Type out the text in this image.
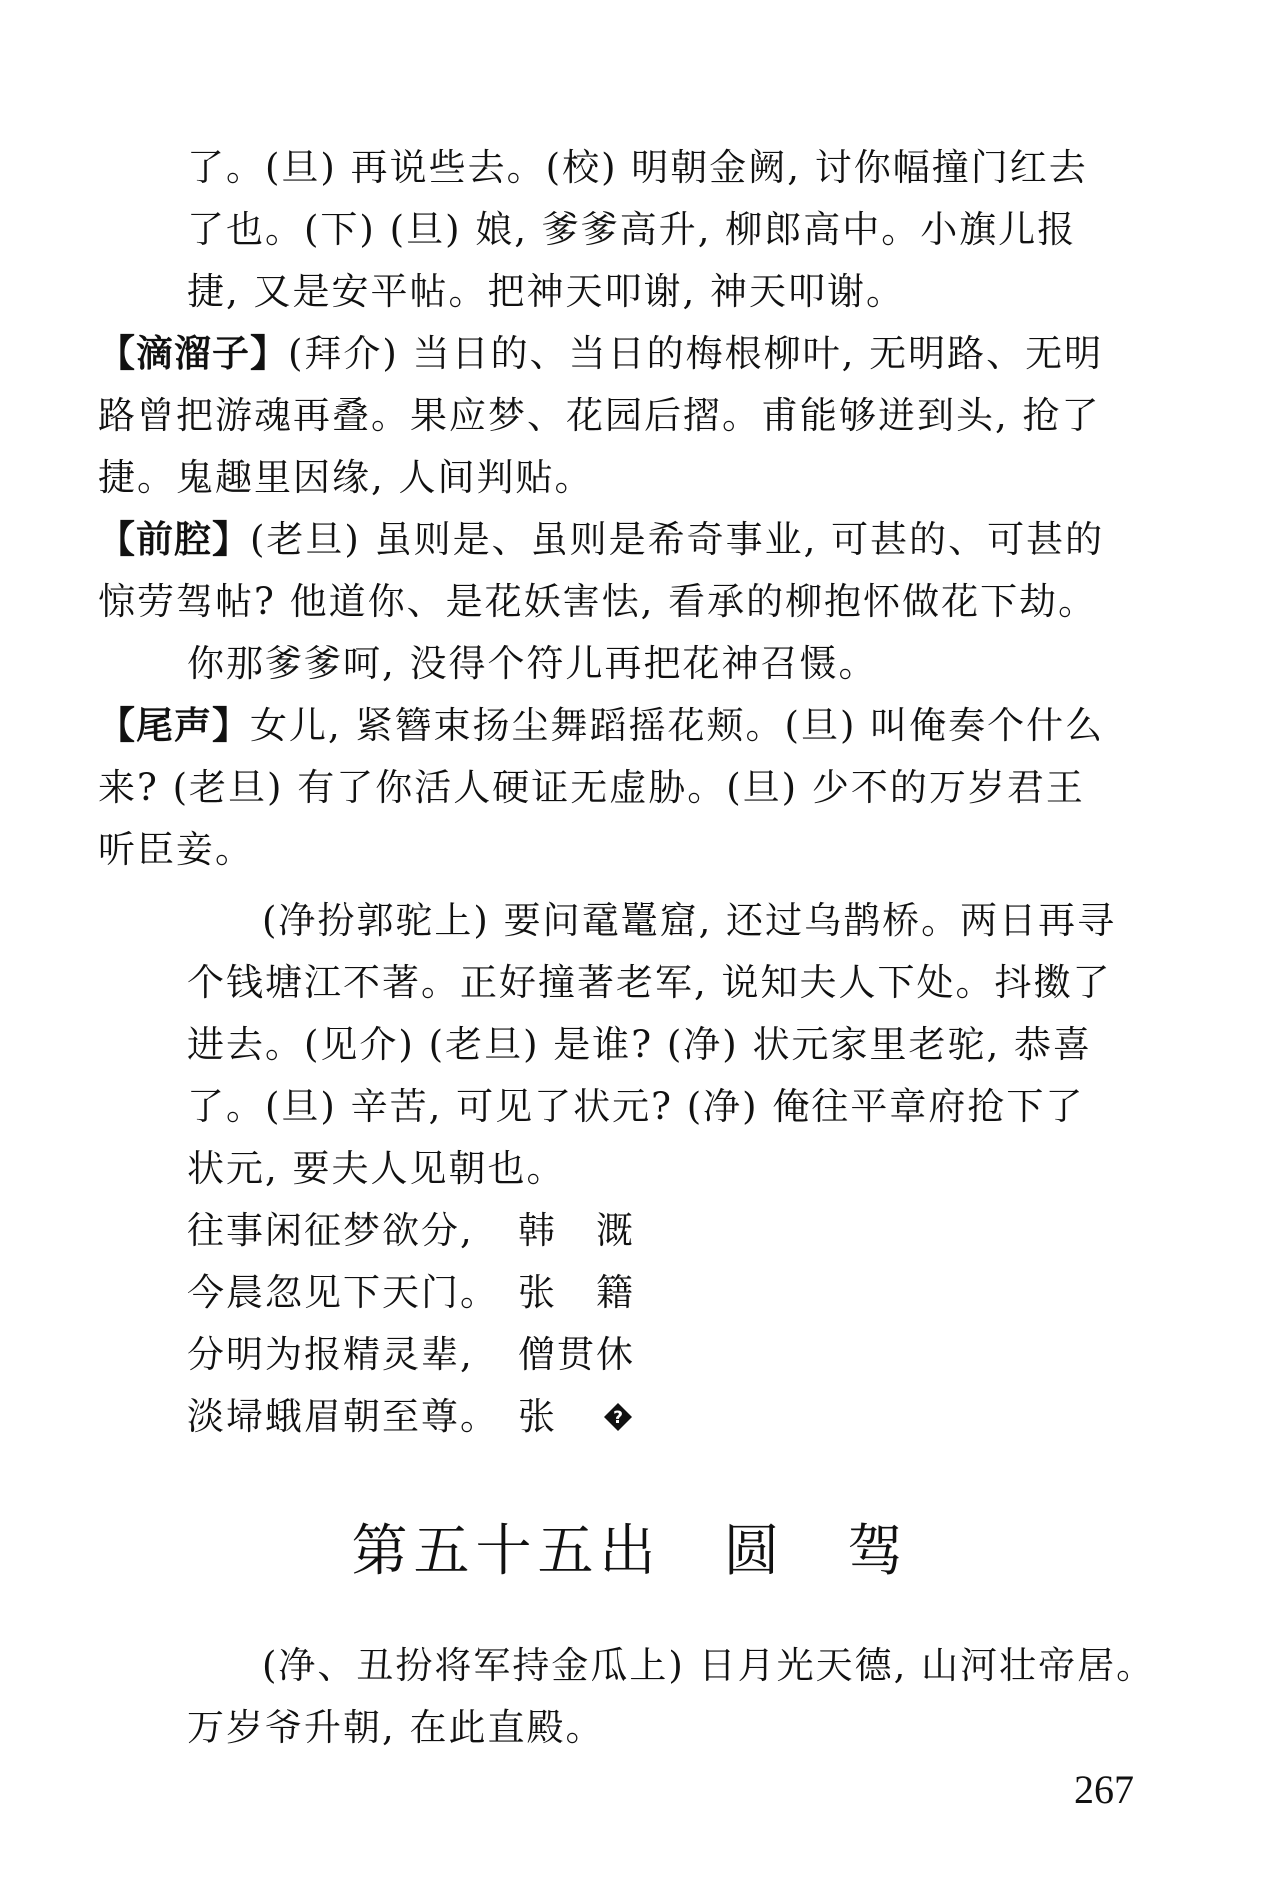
了。(旦) 再说些去。(校) 明朝金阙, 讨你幅撞门红去
了也。(下) (旦) 娘, 爹爹高升, 柳郎高中。小旗儿报
捷, 又是安平帖。把神天叩谢, 神天叩谢。
【滴溜子】(拜介) 当日的、当日的梅根柳叶, 无明路、无明
路曾把游魂再叠。果应梦、花园后摺。甫能够迸到头, 抢了
捷。鬼趣里因缘, 人间判贴。
【前腔】(老旦) 虽则是、虽则是希奇事业, 可甚的、可甚的
惊劳驾帖? 他道你、是花妖害怯, 看承的柳抱怀做花下劫。
你那爹爹呵, 没得个符儿再把花神召慑。
【尾声】女儿, 紧簪束扬尘舞蹈摇花颊。(旦) 叫俺奏个什么
来? (老旦) 有了你活人硬证无虚胁。(旦) 少不的万岁君王
听臣妾。
(净扮郭驼上) 要问鼋鼍窟, 还过乌鹊桥。两日再寻
个钱塘江不著。正好撞著老军, 说知夫人下处。抖擞了
进去。(见介) (老旦) 是谁? (净) 状元家里老驼, 恭喜
了。(旦) 辛苦, 可见了状元? (净) 俺往平章府抢下了
状元, 要夫人见朝也。
往事闲征梦欲分, 韩　溉
今晨忽见下天门。 张　籍
分明为报精灵辈, 僧贯休
淡埽蛾眉朝至尊。 张	?
第五十五出　圆　驾
(净、丑扮将军持金瓜上) 日月光天德, 山河壮帝居。
万岁爷升朝, 在此直殿。
267
